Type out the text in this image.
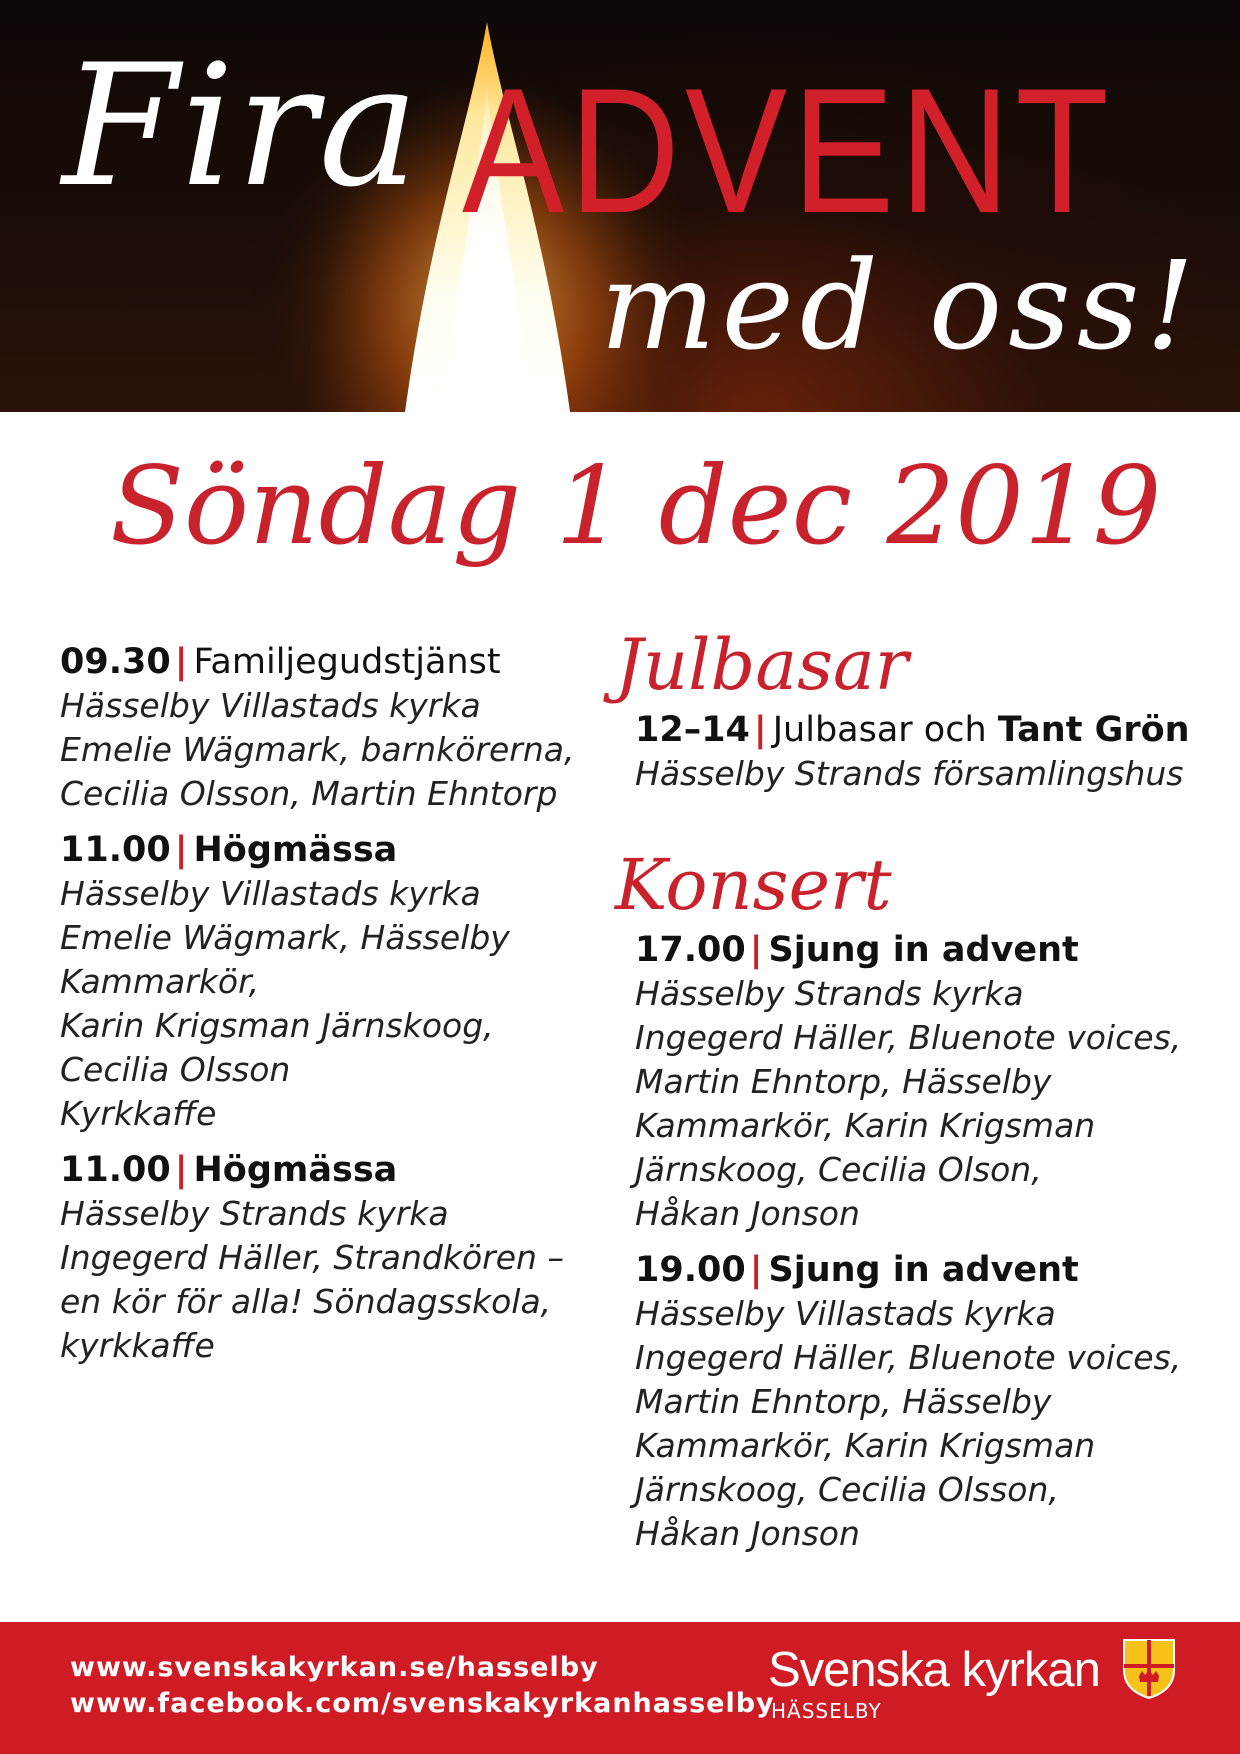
Fira ADVENT
med oss!
Söndag 1 dec 2019
09.30 | Familjegudstjänst
Hässelby Villastads kyrka
Emelie Wägmark, barnkörerna,
Cecilia Olsson, Martin Ehntorp
11.00 | Högmässa
Hässelby Villastads kyrka
Emelie Wägmark, Hässelby
Kammarkör,
Karin Krigsman Järnskoog,
Cecilia Olsson
Kyrkkaffe
11.00 | Högmässa
Hässelby Strands kyrka
Ingegerd Häller, Strandkören –
en kör för alla! Söndagsskola,
kyrkkaffe
Julbasar
12–14 | Julbasar och Tant Grön
Hässelby Strands församlingshus
Konsert
17.00 | Sjung in advent
Hässelby Strands kyrka
Ingegerd Häller, Bluenote voices,
Martin Ehntorp, Hässelby
Kammarkör, Karin Krigsman
Järnskoog, Cecilia Olson,
Håkan Jonson
19.00 | Sjung in advent
Hässelby Villastads kyrka
Ingegerd Häller, Bluenote voices,
Martin Ehntorp, Hässelby
Kammarkör, Karin Krigsman
Järnskoog, Cecilia Olsson,
Håkan Jonson
www.svenskakyrkan.se/hasselby
www.facebook.com/svenskakyrkanhasselby
Svenska kyrkan
HÄSSELBY
